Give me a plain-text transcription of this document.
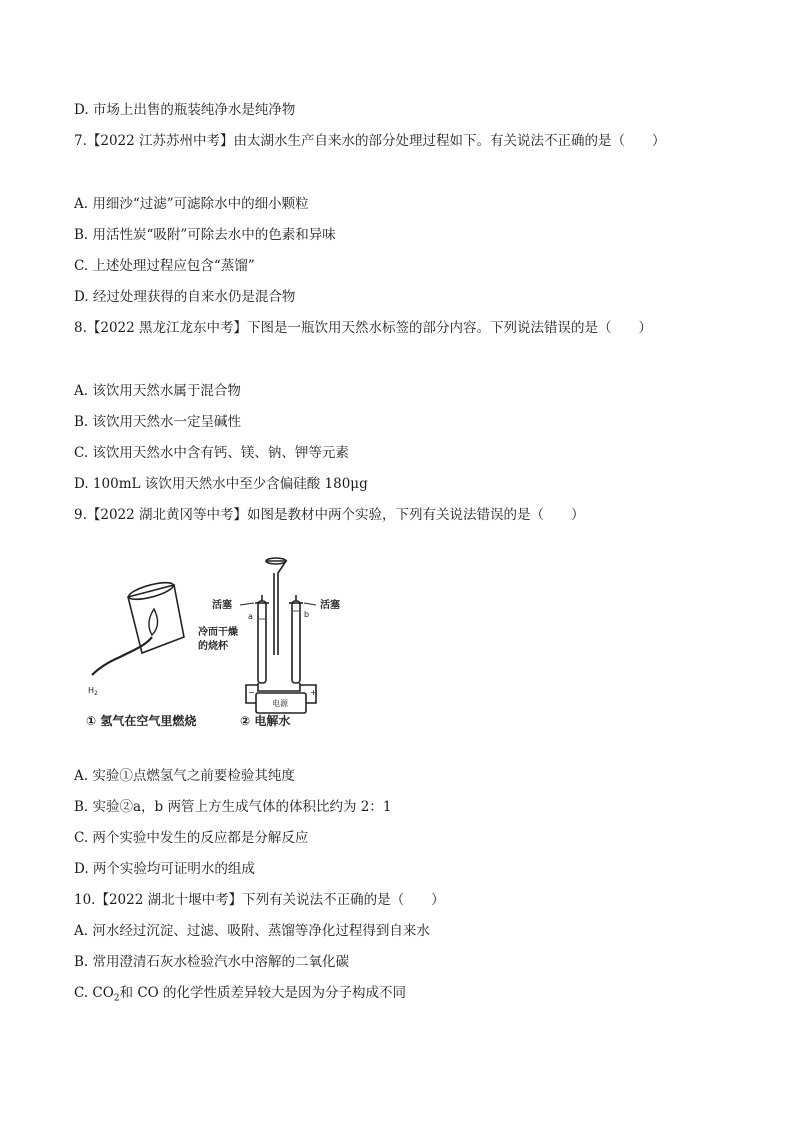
D. 市场上出售的瓶装纯净水是纯净物
7.【2022 江苏苏州中考】由太湖水生产自来水的部分处理过程如下。有关说法不正确的是（　　）
A. 用细沙“过滤”可滤除水中的细小颗粒
B. 用活性炭“吸附”可除去水中的色素和异味
C. 上述处理过程应包含“蒸馏”
D. 经过处理获得的自来水仍是混合物
8.【2022 黑龙江龙东中考】下图是一瓶饮用天然水标签的部分内容。下列说法错误的是（　　）
A. 该饮用天然水属于混合物
B. 该饮用天然水一定呈碱性
C. 该饮用天然水中含有钙、镁、钠、钾等元素
D. 100mL 该饮用天然水中至少含偏硅酸 180μg
9.【2022 湖北黄冈等中考】如图是教材中两个实验，下列有关说法错误的是（　　）
冷而干燥
的烧杯
$H_2$
活塞	活塞
a	b
电源
−	+
① 氢气在空气里燃烧	② 电解水
A. 实验①点燃氢气之前要检验其纯度
B. 实验②a，b 两管上方生成气体的体积比约为 2：1
C. 两个实验中发生的反应都是分解反应
D. 两个实验均可证明水的组成
10.【2022 湖北十堰中考】下列有关说法不正确的是（　　）
A. 河水经过沉淀、过滤、吸附、蒸馏等净化过程得到自来水
B. 常用澄清石灰水检验汽水中溶解的二氧化碳
C. $CO_2$和 CO 的化学性质差异较大是因为分子构成不同
